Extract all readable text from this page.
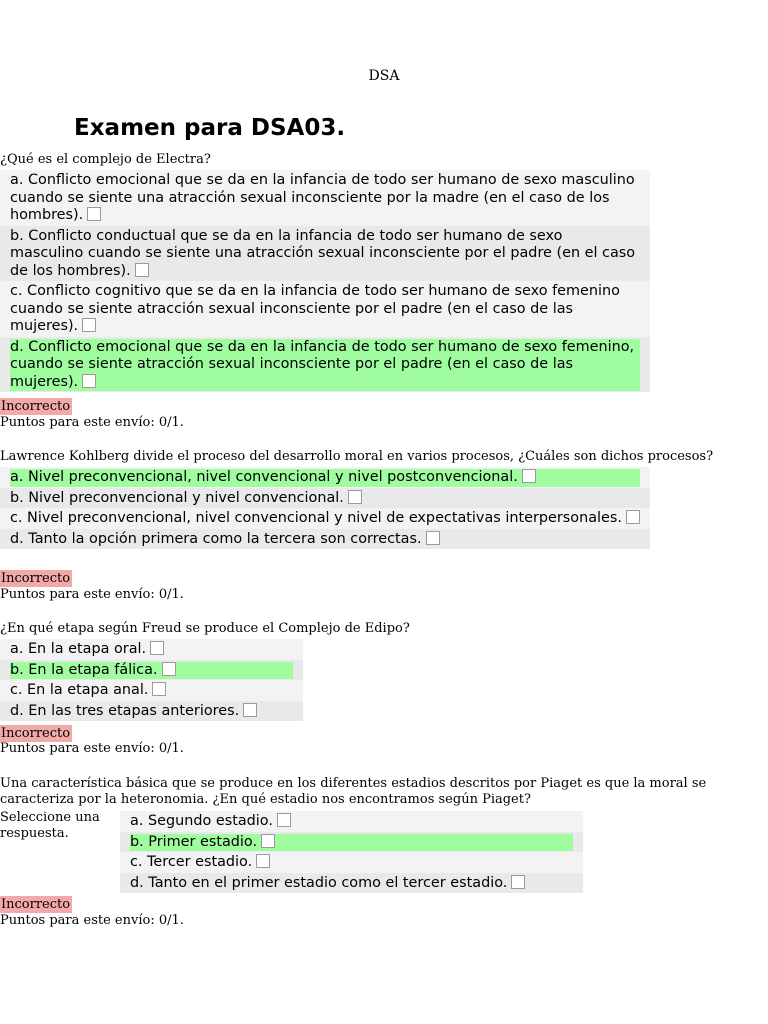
DSA
Examen para DSA03.

¿Qué es el complejo de Electra?

a. Conflicto emocional que se da en la infancia de todo ser humano de sexo masculino cuando se siente una atracción sexual inconsciente por la madre (en el caso de los hombres).
b. Conflicto conductual que se da en la infancia de todo ser humano de sexo masculino cuando se siente una atracción sexual inconsciente por el padre (en el caso de los hombres).
c. Conflicto cognitivo que se da en la infancia de todo ser humano de sexo femenino cuando se siente atracción sexual inconsciente por el padre (en el caso de las mujeres).
d. Conflicto emocional que se da en la infancia de todo ser humano de sexo femenino, cuando se siente atracción sexual inconsciente por el padre (en el caso de las mujeres).
Incorrecto
Puntos para este envío: 0/1.

Lawrence Kohlberg divide el proceso del desarrollo moral en varios procesos, ¿Cuáles son dichos procesos?

a. Nivel preconvencional, nivel convencional y nivel postconvencional.
b. Nivel preconvencional y nivel convencional.
c. Nivel preconvencional, nivel convencional y nivel de expectativas interpersonales.
d. Tanto la opción primera como la tercera son correctas.
Incorrecto
Puntos para este envío: 0/1.

¿En qué etapa según Freud se produce el Complejo de Edipo?

a. En la etapa oral.
b. En la etapa fálica.
c. En la etapa anal.
d. En las tres etapas anteriores.
Incorrecto
Puntos para este envío: 0/1.

Una característica básica que se produce en los diferentes estadios descritos por Piaget es que la moral se caracteriza por la heteronomia. ¿En qué estadio nos encontramos según Piaget?

Seleccione una respuesta.
a. Segundo estadio.
b. Primer estadio.
c. Tercer estadio.
d. Tanto en el primer estadio como el tercer estadio.
Incorrecto
Puntos para este envío: 0/1.
